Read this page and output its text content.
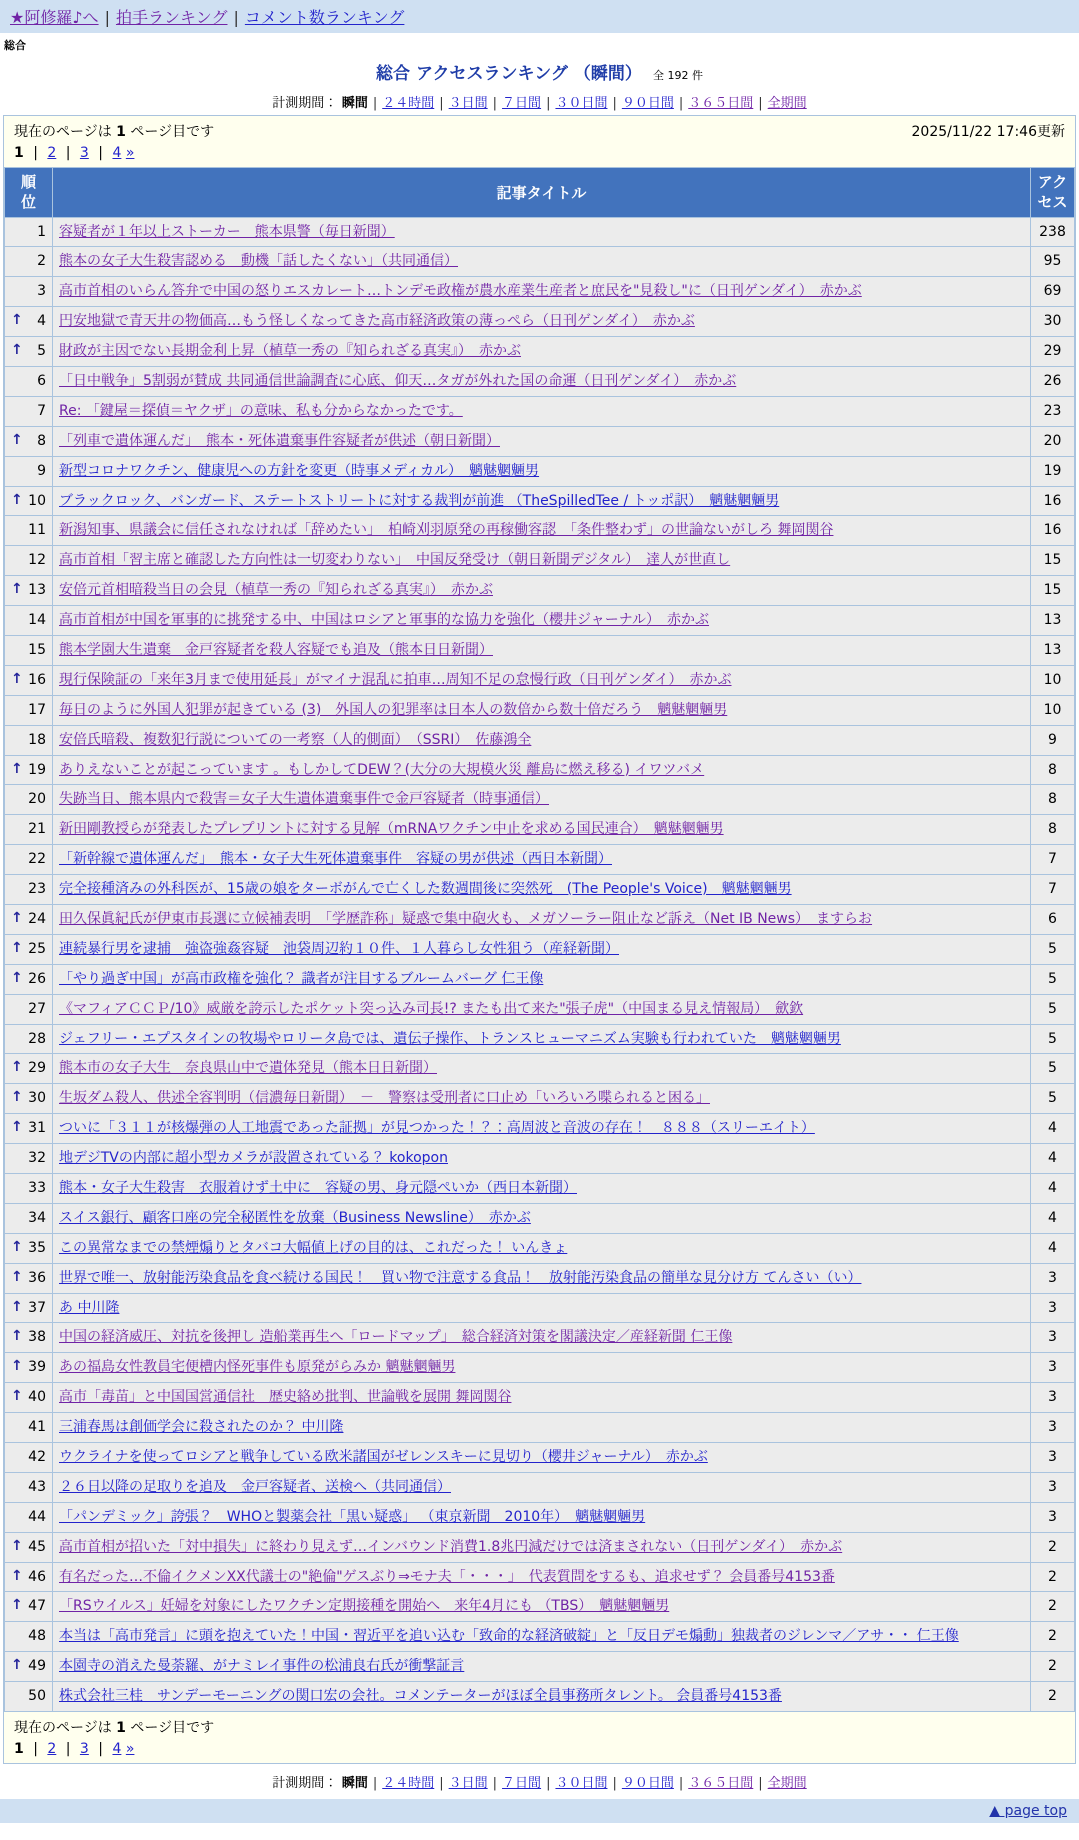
★阿修羅♪へ | 拍手ランキング | コメント数ランキング
総合
総合 アクセスランキング （瞬間） 全 192 件
計測期間： 瞬間 | ２４時間 | ３日間 | ７日間 | ３０日間 | ９０日間 | ３６５日間 | 全期間
現在のページは 1 ページ目です	2025/11/22 17:46更新
1 | 2 | 3 | 4 »
順位	記事タイトル	アクセス

1	容疑者が１年以上ストーカー　熊本県警（毎日新聞）	238
2	熊本の女子大生殺害認める　動機「話したくない」（共同通信）	95
3	高市首相のいらん答弁で中国の怒りエスカレート…トンデモ政権が農水産業生産者と庶民を"見殺し"に（日刊ゲンダイ）　赤かぶ	69

↑ 4	円安地獄で青天井の物価高…もう怪しくなってきた高市経済政策の薄っぺら（日刊ゲンダイ）　赤かぶ	30

↑ 5	財政が主因でない長期金利上昇（植草一秀の『知られざる真実』）　赤かぶ	29
6	「日中戦争」5割弱が賛成 共同通信世論調査に心底、仰天…タガが外れた国の命運（日刊ゲンダイ）　赤かぶ	26
7	Re: 「鍵屋＝探偵＝ヤクザ」の意味、私も分からなかったです。	23

↑ 8	「列車で遺体運んだ」　熊本・死体遺棄事件容疑者が供述（朝日新聞）	20
9	新型コロナワクチン、健康児への方針を変更（時事メディカル）　魑魅魍魎男	19

↑ 10	ブラックロック、バンガード、ステートストリートに対する裁判が前進 （TheSpilledTee / トッポ訳）　魑魅魍魎男	16
11	新潟知事、県議会に信任されなければ「辞めたい」　柏崎刈羽原発の再稼働容認　「条件整わず」の世論ないがしろ 舞岡関谷	16
12	高市首相「習主席と確認した方向性は一切変わりない」　中国反発受け（朝日新聞デジタル）　達人が世直し	15

↑ 13	安倍元首相暗殺当日の会見（植草一秀の『知られざる真実』）　赤かぶ	15
14	高市首相が中国を軍事的に挑発する中、中国はロシアと軍事的な協力を強化（櫻井ジャーナル）　赤かぶ	13
15	熊本学園大生遺棄　金戸容疑者を殺人容疑でも追及（熊本日日新聞）	13

↑ 16	現行保険証の「来年3月まで使用延長」がマイナ混乱に拍車…周知不足の怠慢行政（日刊ゲンダイ）　赤かぶ	10
17	毎日のように外国人犯罪が起きている (3)　外国人の犯罪率は日本人の数倍から数十倍だろう　魑魅魍魎男	10
18	安倍氏暗殺、複数犯行説についての一考察（人的側面）　（SSRI）　佐藤鴻全	9

↑ 19	ありえないことが起こっています 。もしかしてDEW？(大分の大規模火災 離島に燃え移る) イワツバメ	8
20	失跡当日、熊本県内で殺害＝女子大生遺体遺棄事件で金戸容疑者（時事通信）	8
21	新田剛教授らが発表したプレプリントに対する見解（mRNAワクチン中止を求める国民連合）　魑魅魍魎男	8
22	「新幹線で遺体運んだ」　熊本・女子大生死体遺棄事件　容疑の男が供述（西日本新聞）	7
23	完全接種済みの外科医が、15歳の娘をターボがんで亡くした数週間後に突然死　(The People's Voice)　魑魅魍魎男	7

↑ 24	田久保眞紀氏が伊東市長選に立候補表明　「学歴詐称」疑惑で集中砲火も、メガソーラー阻止など訴え（Net IB News）　ますらお	6

↑ 25	連続暴行男を逮捕　強盗強姦容疑　池袋周辺約１０件、１人暮らし女性狙う（産経新聞）	5

↑ 26	「やり過ぎ中国」が高市政権を強化？ 識者が注目するブルームバーグ 仁王像	5
27	《マフィアＣＣＰ/10》威厳を誇示したポケット突っ込み司長!? またも出て来た"張子虎"（中国まる見え情報局）　歛欽	5
28	ジェフリー・エプスタインの牧場やロリータ島では、遺伝子操作、トランスヒューマニズム実験も行われていた　魑魅魍魎男	5

↑ 29	熊本市の女子大生　奈良県山中で遺体発見（熊本日日新聞）	5

↑ 30	生坂ダム殺人、供述全容判明（信濃毎日新聞）　－　警察は受刑者に口止め「いろいろ喋られると困る」	5

↑ 31	ついに「３１１が核爆弾の人工地震であった証拠」が見つかった！？：高周波と音波の存在！　８８８（スリーエイト）	4
32	地デジTVの内部に超小型カメラが設置されている？ kokopon	4
33	熊本・女子大生殺害　衣服着けず土中に　容疑の男、身元隠ぺいか（西日本新聞）	4
34	スイス銀行、顧客口座の完全秘匿性を放棄（Business Newsline）　赤かぶ	4

↑ 35	この異常なまでの禁煙煽りとタバコ大幅値上げの目的は、これだった！ いんきょ	4

↑ 36	世界で唯一、放射能汚染食品を食べ続ける国民！　買い物で注意する食品！　放射能汚染食品の簡単な見分け方 てんさい（い）	3

↑ 37	あ 中川隆	3

↑ 38	中国の経済威圧、対抗を後押し 造船業再生へ「ロードマップ」　総合経済対策を閣議決定／産経新聞 仁王像	3

↑ 39	あの福島女性教員宅便槽内怪死事件も原発がらみか 魑魅魍魎男	3

↑ 40	高市「毒苗」と中国国営通信社　歴史絡め批判、世論戦を展開 舞岡関谷	3
41	三浦春馬は創価学会に殺されたのか？ 中川隆	3
42	ウクライナを使ってロシアと戦争している欧米諸国がゼレンスキーに見切り（櫻井ジャーナル）　赤かぶ	3
43	２６日以降の足取りを追及　金戸容疑者、送検へ（共同通信）	3
44	「パンデミック」誇張？　WHOと製薬会社「黒い疑惑」 （東京新聞　2010年）　魑魅魍魎男	3

↑ 45	高市首相が招いた「対中損失」に終わり見えず…インバウンド消費1.8兆円減だけでは済まされない（日刊ゲンダイ）　赤かぶ	2

↑ 46	有名だった…不倫イクメンXX代議士の"絶倫"ゲスぶり⇒モナ夫「・・・」　代表質問をするも、追求せず？ 会員番号4153番	2

↑ 47	「RSウイルス」妊婦を対象にしたワクチン定期接種を開始へ　来年4月にも （TBS）　魑魅魍魎男	2
48	本当は「高市発言」に頭を抱えていた！中国・習近平を追い込む「致命的な経済破綻」と「反日デモ煽動」独裁者のジレンマ／アサ・・ 仁王像	2

↑ 49	本園寺の消えた曼荼羅、がナミレイ事件の松浦良右氏が衝撃証言	2
50	株式会社三桂　サンデーモーニングの関口宏の会社。コメンテーターがほぼ全員事務所タレント。 会員番号4153番	2
現在のページは 1 ページ目です
1 | 2 | 3 | 4 »
計測期間： 瞬間 | ２４時間 | ３日間 | ７日間 | ３０日間 | ９０日間 | ３６５日間 | 全期間
▲ page top
